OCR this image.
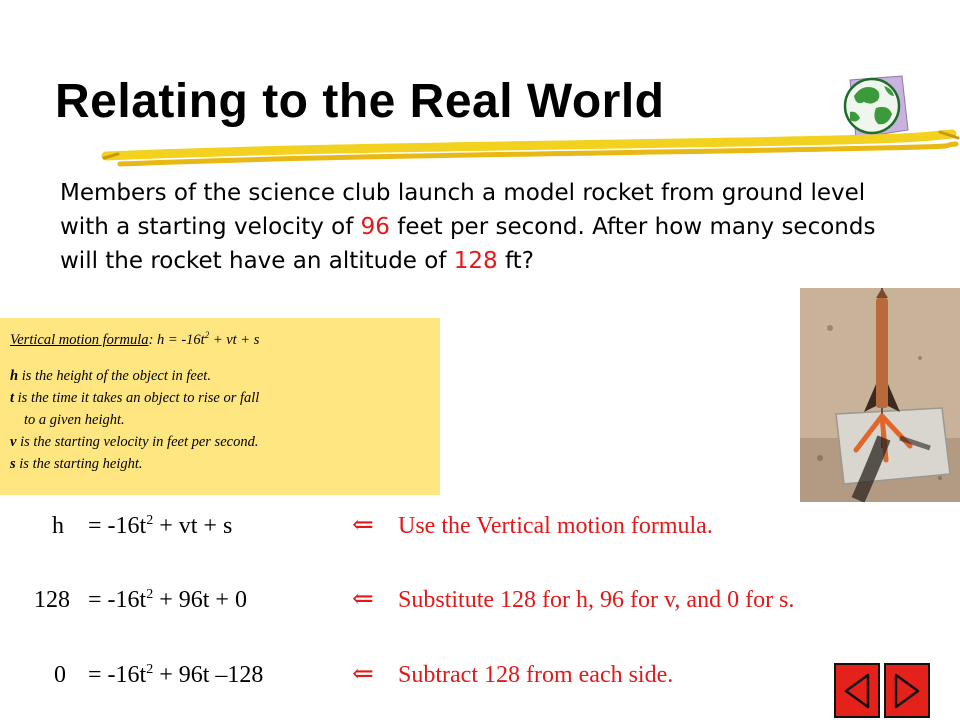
Relating to the Real World
Members of the science club launch a model rocket from ground level with a starting velocity of 96 feet per second. After how many seconds will the rocket have an altitude of 128 ft?
Vertical motion formula: $h = -16t^2$ + vt + s
h is the height of the object in feet.
t is the time it takes an object to rise or fall
to a given height.
v is the starting velocity in feet per second.
s is the starting height.
$h = -16t^2$ + vt + s	⇐ Use the Vertical motion formula.
$128 = -16t^2 + 96t + 0$	⇐ Substitute 128 for h, 96 for v, and 0 for s.
$0 = -16t^2 + 96t$ –128	⇐ Subtract 128 from each side.
